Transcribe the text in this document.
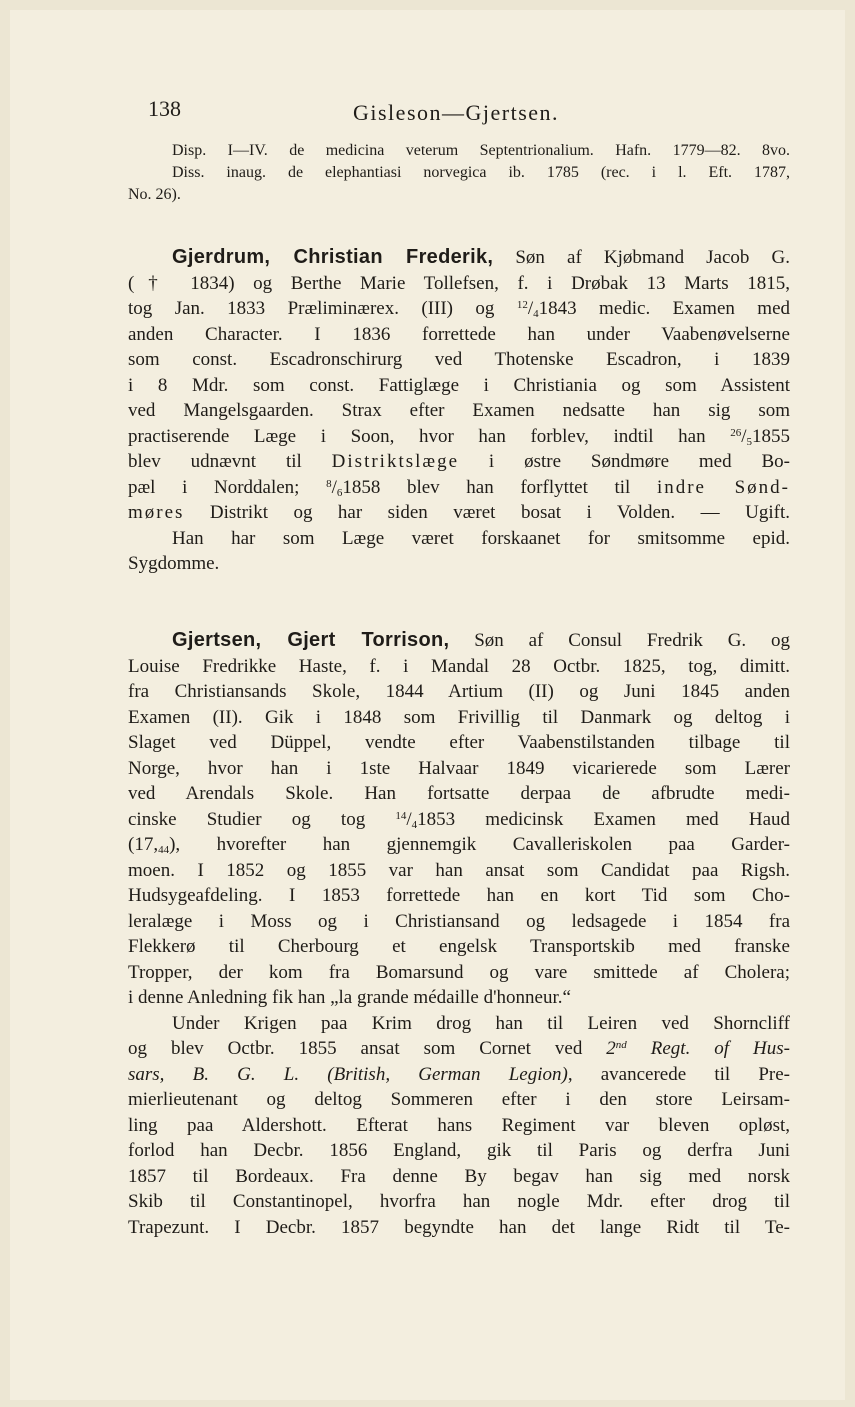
138	Gisleson—Gjertsen.
Disp. I—IV. de medicina veterum Septentrionalium. Hafn. 1779—82. 8vo.
Diss. inaug. de elephantiasi norvegica ib. 1785 (rec. i l. Eft. 1787,
No. 26).
Gjerdrum, Christian Frederik, Søn af Kjøbmand Jacob G.
(† 1834) og Berthe Marie Tollefsen, f. i Drøbak 13 Marts 1815,
tog Jan. 1833 Præliminærex. (III) og $^{12}/_41843$ medic. Examen med
anden Character. I 1836 forrettede han under Vaabenøvelserne
som const. Escadronschirurg ved Thotenske Escadron, i 1839
i 8 Mdr. som const. Fattiglæge i Christiania og som Assistent
ved Mangelsgaarden. Strax efter Examen nedsatte han sig som
practiserende Læge i Soon, hvor han forblev, indtil han $^{26}/_51855$
blev udnævnt til Distriktslæge i østre Søndmøre med Bo-
pæl i Norddalen; $^8/_61858$ blev han forflyttet til indre Sønd-
møres Distrikt og har siden været bosat i Volden. — Ugift.
Han har som Læge været forskaanet for smitsomme epid.
Sygdomme.
Gjertsen, Gjert Torrison, Søn af Consul Fredrik G. og
Louise Fredrikke Haste, f. i Mandal 28 Octbr. 1825, tog, dimitt.
fra Christiansands Skole, 1844 Artium (II) og Juni 1845 anden
Examen (II). Gik i 1848 som Frivillig til Danmark og deltog i
Slaget ved Düppel, vendte efter Vaabenstilstanden tilbage til
Norge, hvor han i 1ste Halvaar 1849 vicarierede som Lærer
ved Arendals Skole. Han fortsatte derpaa de afbrudte medi-
cinske Studier og tog $^{14}/_41853$ medicinsk Examen med Haud
$(17,_{44})$, hvorefter han gjennemgik Cavalleriskolen paa Garder-
moen. I 1852 og 1855 var han ansat som Candidat paa Rigsh.
Hudsygeafdeling. I 1853 forrettede han en kort Tid som Cho-
leralæge i Moss og i Christiansand og ledsagede i 1854 fra
Flekkerø til Cherbourg et engelsk Transportskib med franske
Tropper, der kom fra Bomarsund og vare smittede af Cholera;
i denne Anledning fik han „la grande médaille d'honneur.“
Under Krigen paa Krim drog han til Leiren ved Shorncliff
og blev Octbr. 1855 ansat som Cornet ved 2nd Regt. of Hus-
sars, B. G. L. (British, German Legion), avancerede til Pre-
mierlieutenant og deltog Sommeren efter i den store Leirsam-
ling paa Aldershott. Efterat hans Regiment var bleven opløst,
forlod han Decbr. 1856 England, gik til Paris og derfra Juni
1857 til Bordeaux. Fra denne By begav han sig med norsk
Skib til Constantinopel, hvorfra han nogle Mdr. efter drog til
Trapezunt. I Decbr. 1857 begyndte han det lange Ridt til Te-
